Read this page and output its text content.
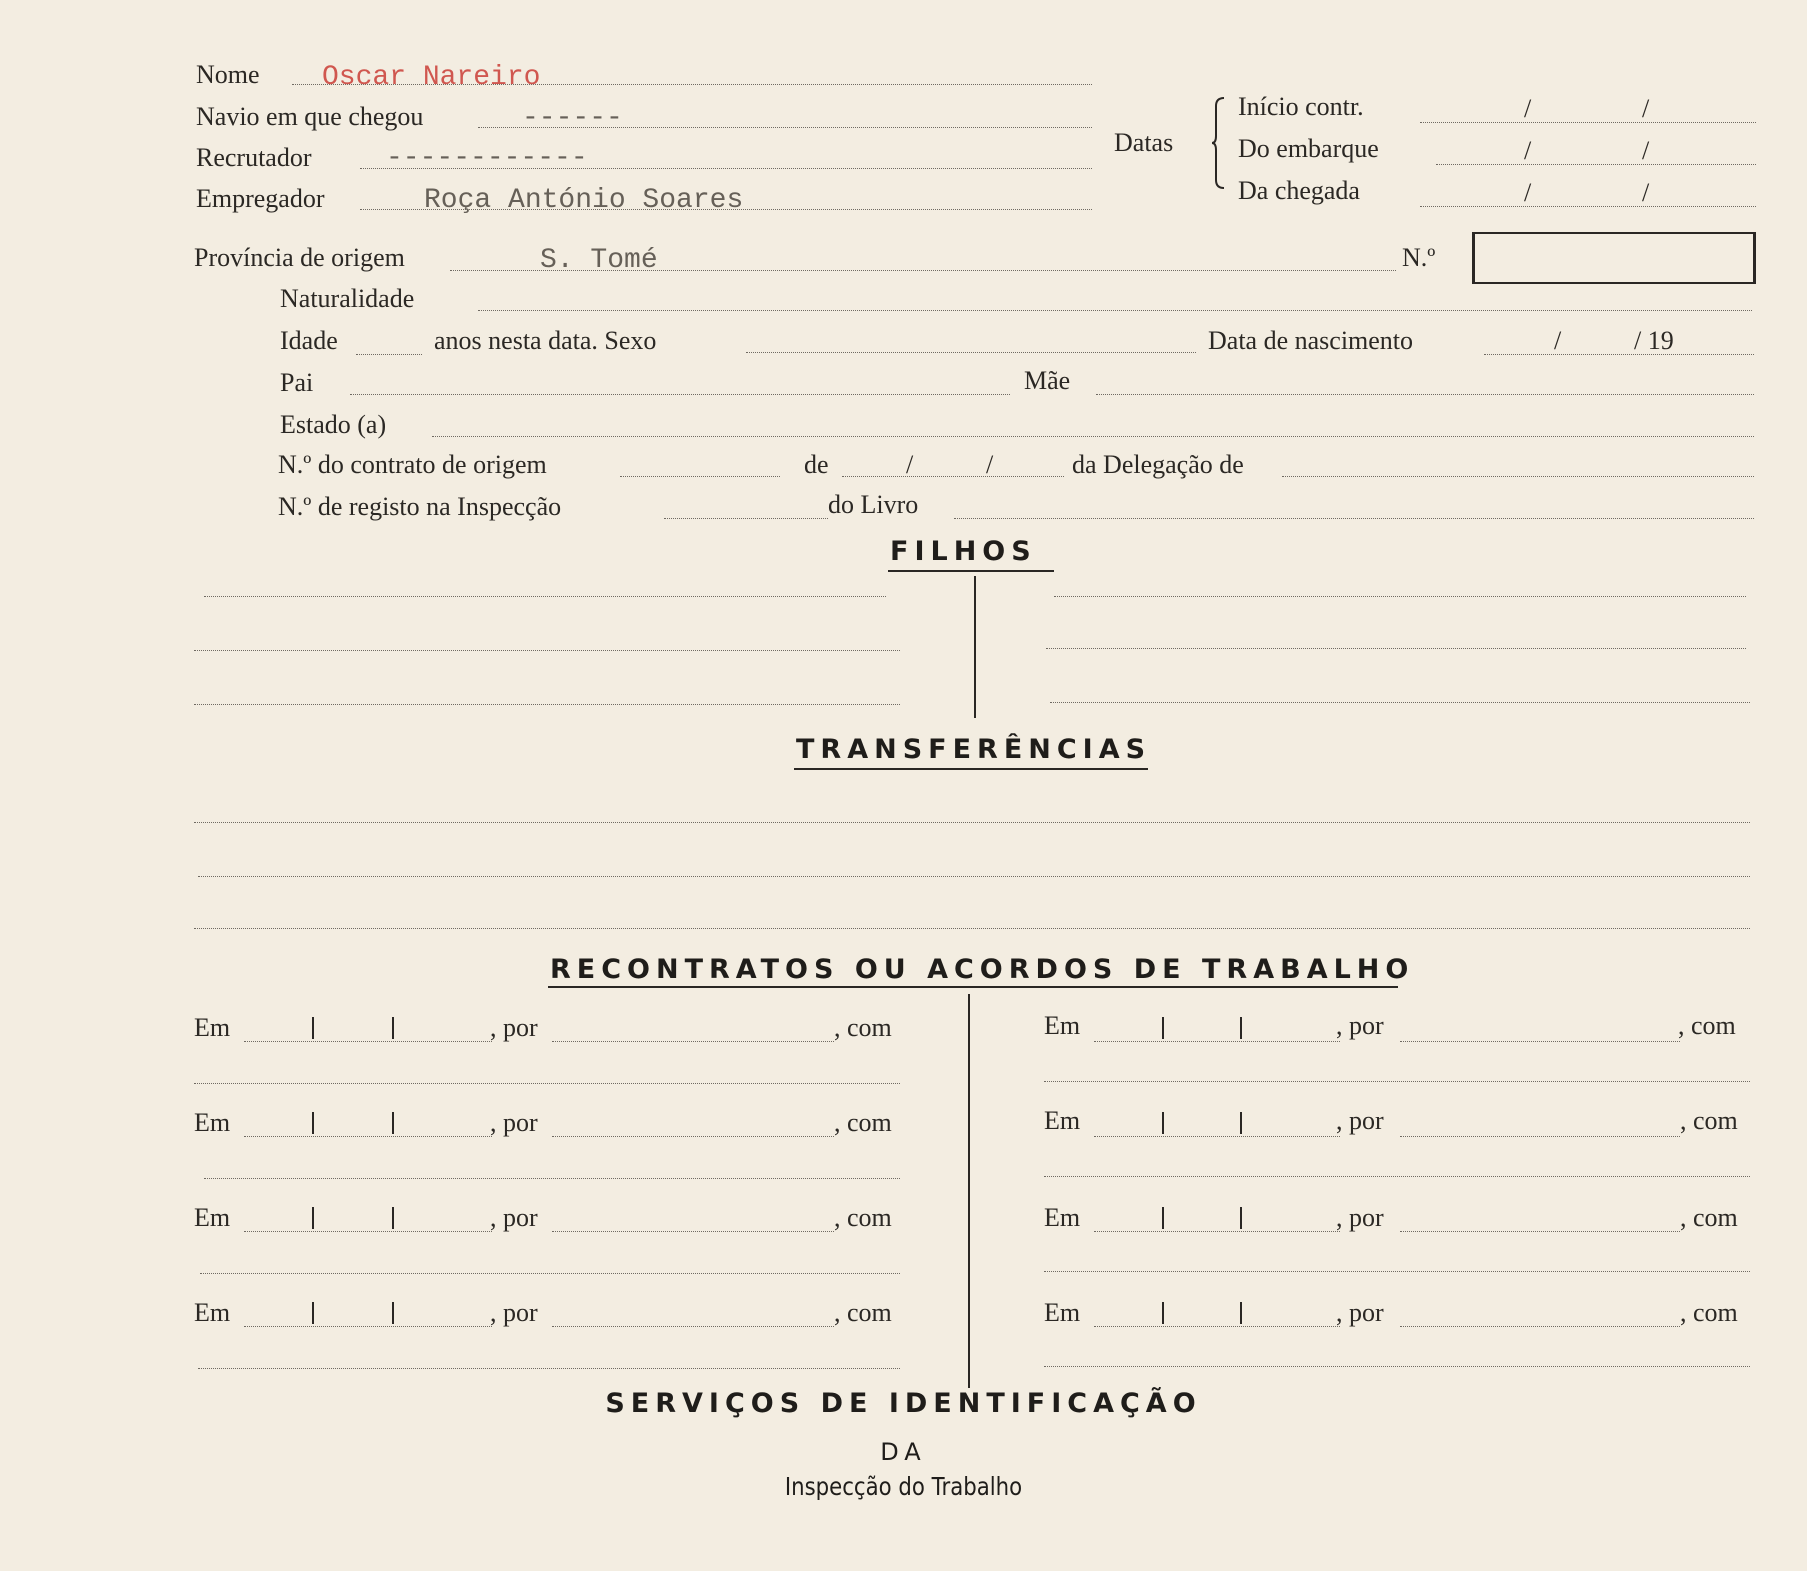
Nome Oscar Nareiro
Navio em que chegou	------
Recrutador	------------
Empregador	Roça António Soares
Datas
Início contr.	/	/
Do embarque	/	/
Da chegada	/	/
Província de origem	S. Tomé	N.º
Naturalidade
Idade	anos nesta data. Sexo	Data de nascimento	/	/ 19
Pai	Mãe
Estado (a)
N.º do contrato de origem	de	/	/	da Delegação de
N.º de registo na Inspecção	do Livro
FILHOS
TRANSFERÊNCIAS
RECONTRATOS OU ACORDOS DE TRABALHO
Em	, por	, com	Em	, por	, com
Em	, por	, com	Em	, por	, com
Em	, por	, com	Em	, por	, com
Em	, por	, com	Em	, por	, com
SERVIÇOS DE IDENTIFICAÇÃO
DA
Inspecção do Trabalho
